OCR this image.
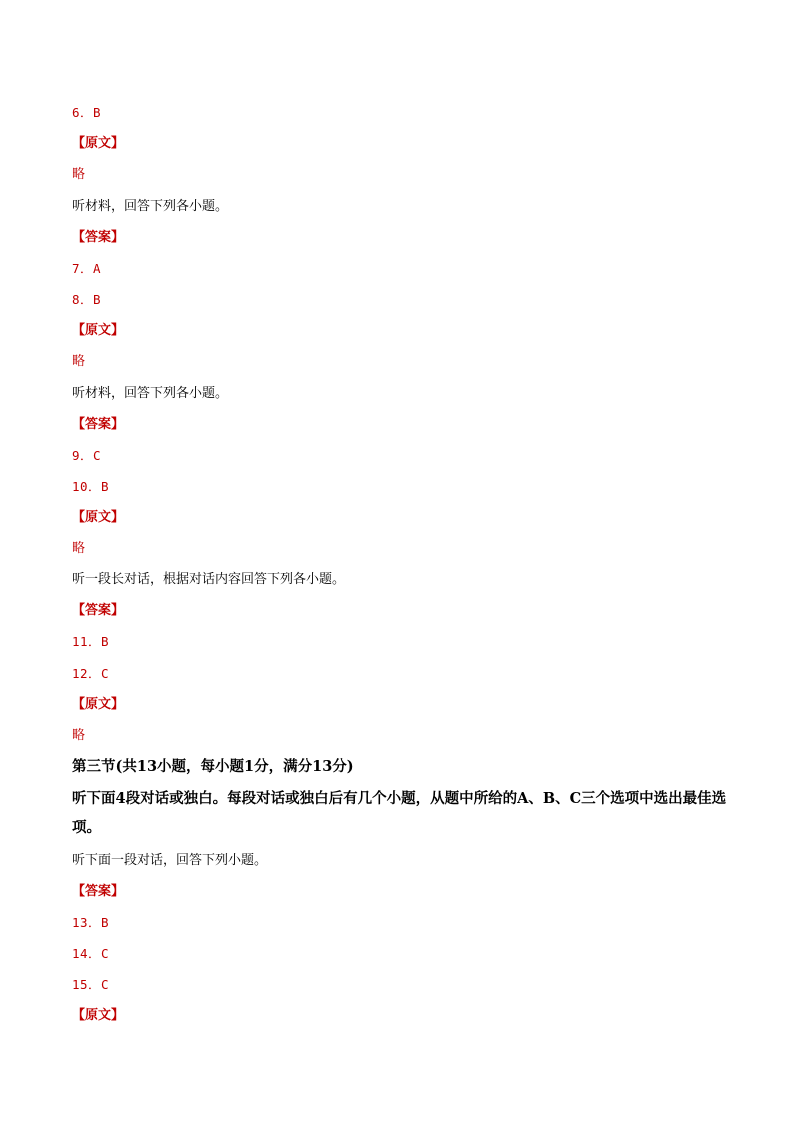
6．B
【原文】
略
听材料，回答下列各小题。
【答案】
7．A
8．B
【原文】
略
听材料，回答下列各小题。
【答案】
9．C
10．B
【原文】
略
听一段长对话，根据对话内容回答下列各小题。
【答案】
11．B
12．C
【原文】
略
第三节(共13小题，每小题1分，满分13分)
听下面4段对话或独白。每段对话或独白后有几个小题，从题中所给的A、B、C三个选项中选出最佳选项。
听下面一段对话，回答下列小题。
【答案】
13．B
14．C
15．C
【原文】
